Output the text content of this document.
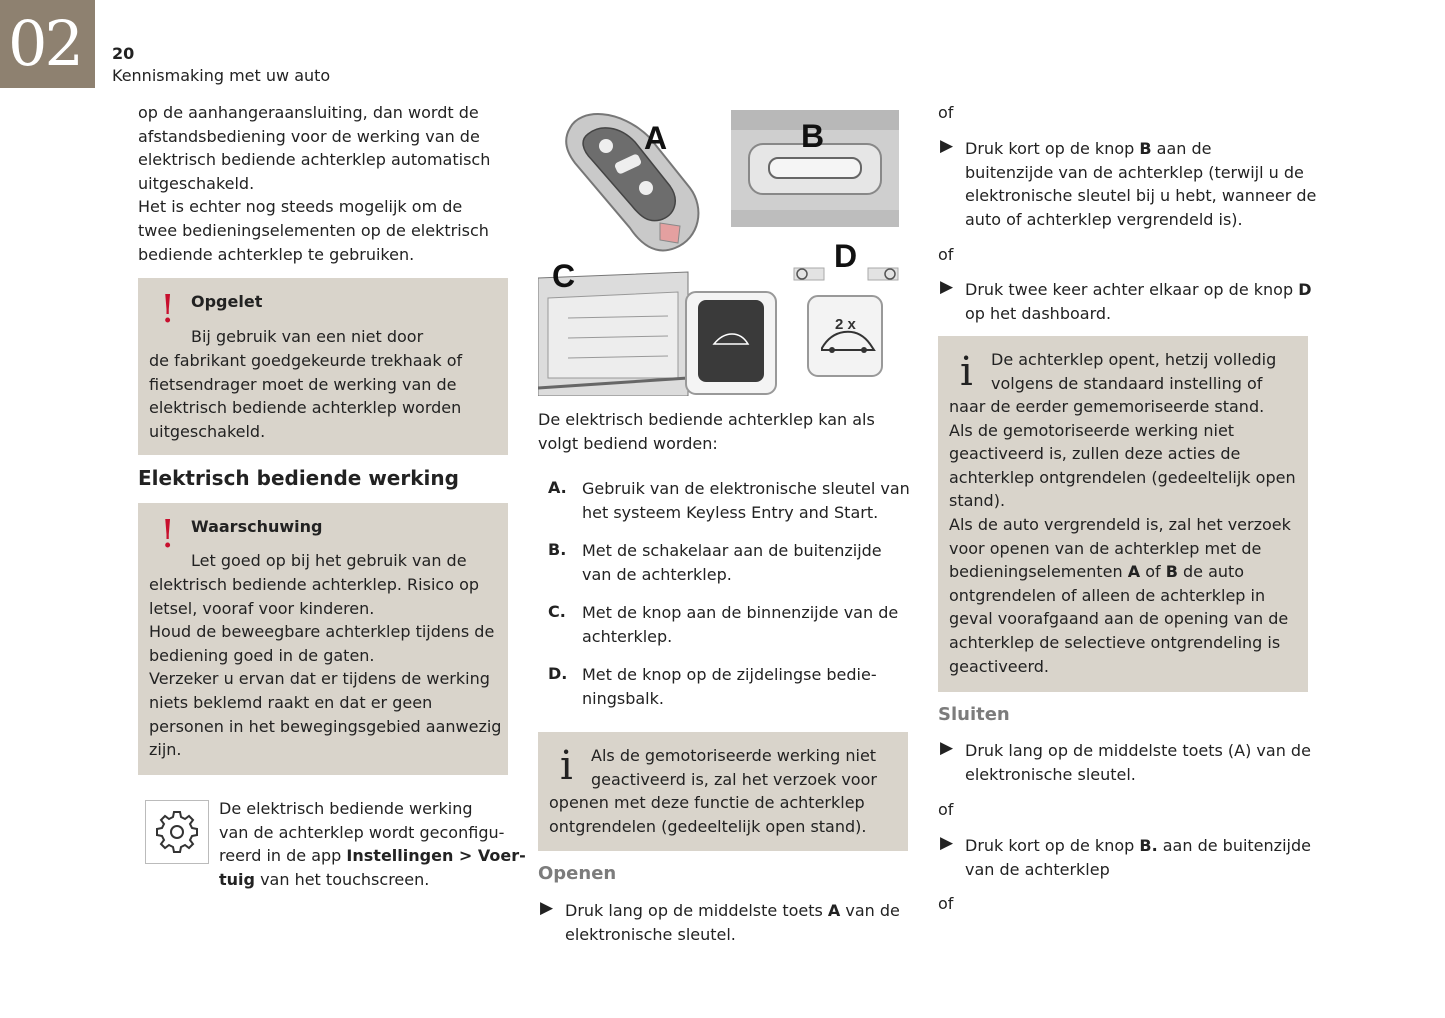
02 20
Kennismaking met uw auto
op de aanhangeraansluiting, dan wordt de
afstandsbediening voor de werking van de
elektrisch bediende achterklep automatisch
uitgeschakeld.
Het is echter nog steeds mogelijk om de
twee bedieningselementen op de elektrisch
bediende achterklep te gebruiken.
! Opgelet
Bij gebruik van een niet door
de fabrikant goedgekeurde trekhaak of
fietsendrager moet de werking van de
elektrisch bediende achterklep worden
uitgeschakeld.
Elektrisch bediende werking
! Waarschuwing
Let goed op bij het gebruik van de
elektrisch bediende achterklep. Risico op
letsel, vooraf voor kinderen.
Houd de beweegbare achterklep tijdens de
bediening goed in de gaten.
Verzeker u ervan dat er tijdens de werking
niets beklemd raakt en dat er geen
personen in het bewegingsgebied aanwezig
zijn.
De elektrisch bediende werking
van de achterklep wordt geconfigu-
reerd in de app Instellingen > Voer-
tuig van het touchscreen.
A	B
C
D
2 x
De elektrisch bediende achterklep kan als
volgt bediend worden:
A. Gebruik van de elektronische sleutel van
het systeem Keyless Entry and Start.
B. Met de schakelaar aan de buitenzijde
van de achterklep.
C. Met de knop aan de binnenzijde van de
achterklep.
D. Met de knop op de zijdelingse bedie-
ningsbalk.
i Als de gemotoriseerde werking niet
geactiveerd is, zal het verzoek voor
openen met deze functie de achterklep
ontgrendelen (gedeeltelijk open stand).
Openen
▶ Druk lang op de middelste toets A van de
elektronische sleutel.
of
▶ Druk kort op de knop B aan de
buitenzijde van de achterklep (terwijl u de
elektronische sleutel bij u hebt, wanneer de
auto of achterklep vergrendeld is).
of
▶ Druk twee keer achter elkaar op de knop D
op het dashboard.
i De achterklep opent, hetzij volledig
volgens de standaard instelling of
naar de eerder gememoriseerde stand.
Als de gemotoriseerde werking niet
geactiveerd is, zullen deze acties de
achterklep ontgrendelen (gedeeltelijk open
stand).
Als de auto vergrendeld is, zal het verzoek
voor openen van de achterklep met de
bedieningselementen A of B de auto
ontgrendelen of alleen de achterklep in
geval voorafgaand aan de opening van de
achterklep de selectieve ontgrendeling is
geactiveerd.
Sluiten
▶ Druk lang op de middelste toets (A) van de
elektronische sleutel.
of
▶ Druk kort op de knop B. aan de buitenzijde
van de achterklep
of
